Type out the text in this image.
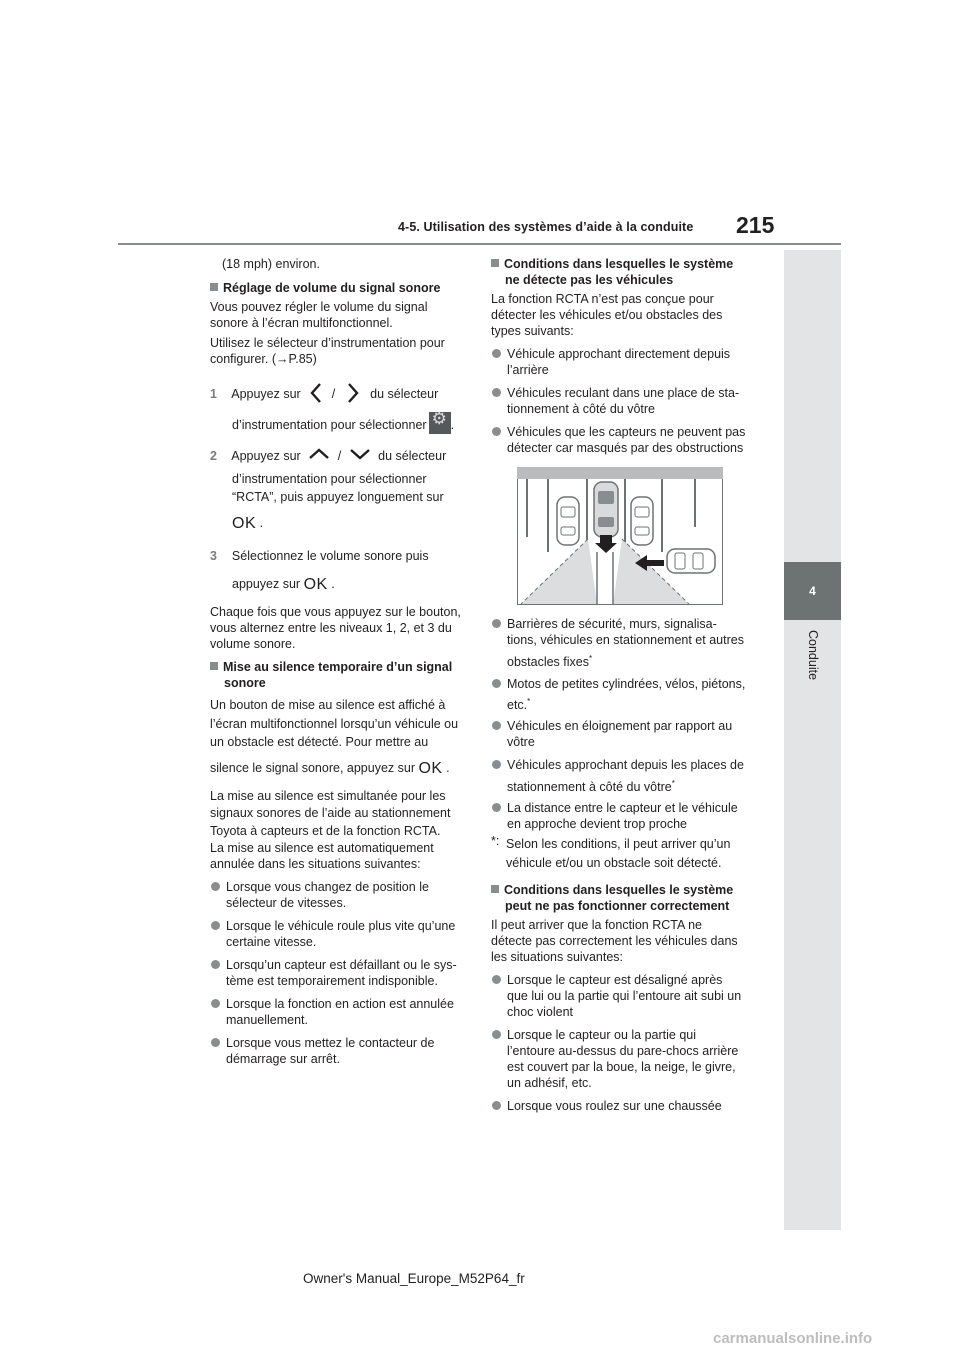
4-5. Utilisation des systèmes d’aide à la conduite 215
4
Conduite

(18 mph) environ.

Réglage de volume du signal sonore

Vous pouvez régler le volume du signal

sonore à l’écran multifonctionnel.

Utilisez le sélecteur d’instrumentation pour

configurer. (→P.85)

1 Appuyez sur /	du sélecteur

d’instrumentation pour sélectionner⚙ .

2 Appuyez sur	/	du sélecteur

d’instrumentation pour sélectionner

“RCTA”, puis appuyez longuement sur

OK .

3 Sélectionnez le volume sonore puis

appuyez sur OK .

Chaque fois que vous appuyez sur le bouton,

vous alternez entre les niveaux 1, 2, et 3 du

volume sonore.

Mise au silence temporaire d’un signal

sonore

Un bouton de mise au silence est affiché à

l’écran multifonctionnel lorsqu’un véhicule ou

un obstacle est détecté. Pour mettre au

silence le signal sonore, appuyez sur OK .

La mise au silence est simultanée pour les

signaux sonores de l’aide au stationnement

Toyota à capteurs et de la fonction RCTA.

La mise au silence est automatiquement

annulée dans les situations suivantes:

Lorsque vous changez de position le

sélecteur de vitesses.

Lorsque le véhicule roule plus vite qu’une

certaine vitesse.

Lorsqu’un capteur est défaillant ou le sys-

tème est temporairement indisponible.

Lorsque la fonction en action est annulée

manuellement.

Lorsque vous mettez le contacteur de

démarrage sur arrêt.

Conditions dans lesquelles le système

ne détecte pas les véhicules

La fonction RCTA n’est pas conçue pour

détecter les véhicules et/ou obstacles des

types suivants:

Véhicule approchant directement depuis

l’arrière

Véhicules reculant dans une place de sta-

tionnement à côté du vôtre

Véhicules que les capteurs ne peuvent pas

détecter car masqués par des obstructions

Barrières de sécurité, murs, signalisa-

tions, véhicules en stationnement et autres

obstacles fixes*

Motos de petites cylindrées, vélos, piétons,

etc.*

Véhicules en éloignement par rapport au

vôtre

Véhicules approchant depuis les places de

stationnement à côté du vôtre*

La distance entre le capteur et le véhicule

en approche devient trop proche

*: Selon les conditions, il peut arriver qu’un

véhicule et/ou un obstacle soit détecté.

Conditions dans lesquelles le système

peut ne pas fonctionner correctement

Il peut arriver que la fonction RCTA ne

détecte pas correctement les véhicules dans

les situations suivantes:

Lorsque le capteur est désaligné après

que lui ou la partie qui l’entoure ait subi un

choc violent

Lorsque le capteur ou la partie qui

l’entoure au-dessus du pare-chocs arrière

est couvert par la boue, la neige, le givre,

un adhésif, etc.

Lorsque vous roulez sur une chaussée

Owner's Manual_Europe_M52P64_fr
carmanualsonline.info
